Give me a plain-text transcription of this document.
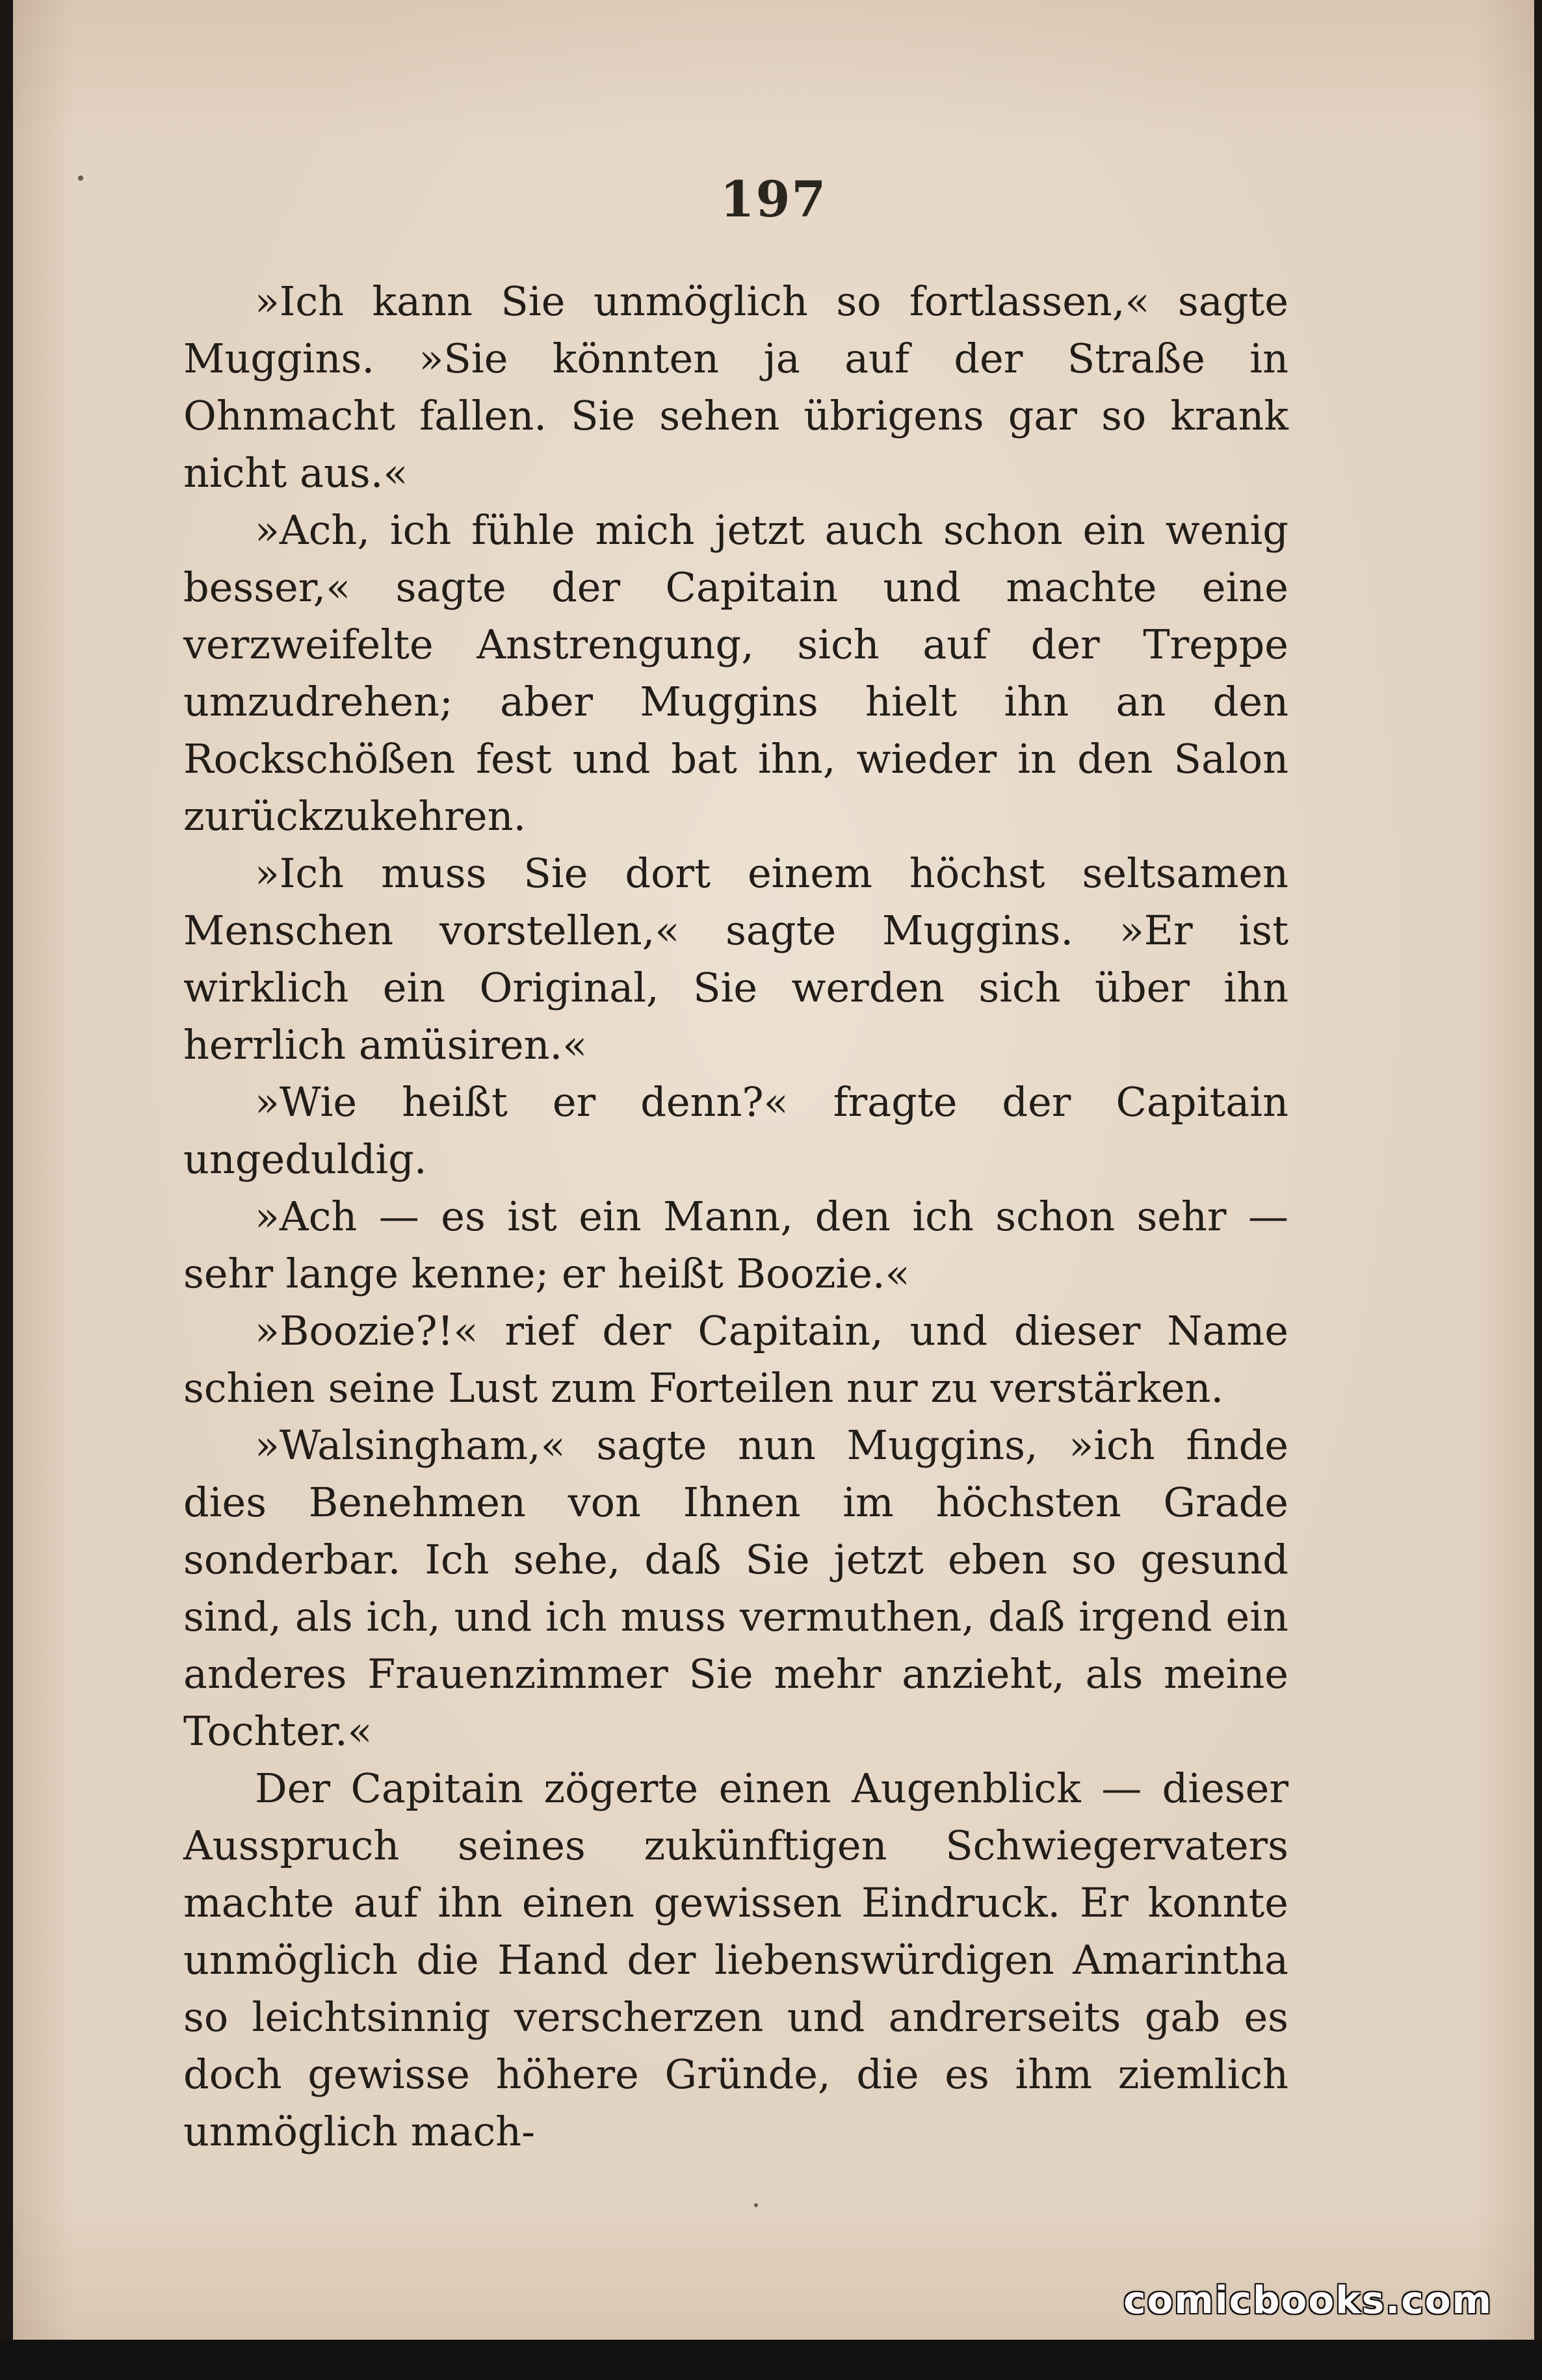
197

»Ich kann Sie unmöglich so fortlassen,« sagte Muggins. »Sie könnten ja auf der Straße in Ohnmacht fallen. Sie sehen übrigens gar so krank nicht aus.«

»Ach, ich fühle mich jetzt auch schon ein wenig besser,« sagte der Capitain und machte eine verzweifelte Anstrengung, sich auf der Treppe umzudrehen; aber Muggins hielt ihn an den Rockschößen fest und bat ihn, wieder in den Salon zurückzukehren.

»Ich muss Sie dort einem höchst seltsamen Menschen vorstellen,« sagte Muggins. »Er ist wirklich ein Original, Sie werden sich über ihn herrlich amüsiren.«

»Wie heißt er denn?« fragte der Capitain ungeduldig.

»Ach — es ist ein Mann, den ich schon sehr — sehr lange kenne; er heißt Boozie.«

»Boozie?!« rief der Capitain, und dieser Name schien seine Lust zum Forteilen nur zu verstärken.

»Walsingham,« sagte nun Muggins, »ich finde dies Benehmen von Ihnen im höchsten Grade sonderbar. Ich sehe, daß Sie jetzt eben so gesund sind, als ich, und ich muss vermuthen, daß irgend ein anderes Frauenzimmer Sie mehr anzieht, als meine Tochter.«

Der Capitain zögerte einen Augenblick — dieser Ausspruch seines zukünftigen Schwiegervaters machte auf ihn einen gewissen Eindruck. Er konnte unmöglich die Hand der liebenswürdigen Amarintha so leichtsinnig verscherzen und andrerseits gab es doch gewisse höhere Gründe, die es ihm ziemlich unmöglich mach-

comicbooks.com
